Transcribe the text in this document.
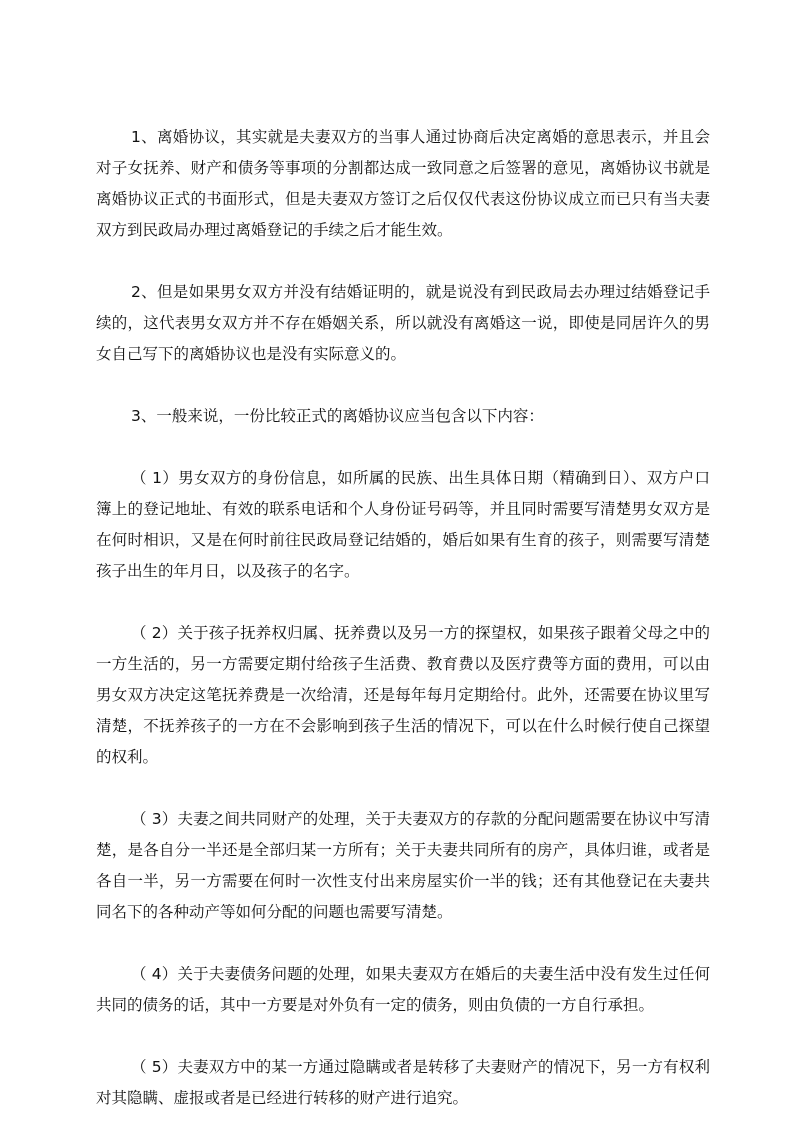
1、离婚协议，其实就是夫妻双方的当事人通过协商后决定离婚的意思表示，并且会对子女抚养、财产和债务等事项的分割都达成一致同意之后签署的意见，离婚协议书就是离婚协议正式的书面形式，但是夫妻双方签订之后仅仅代表这份协议成立而已只有当夫妻双方到民政局办理过离婚登记的手续之后才能生效。

2、但是如果男女双方并没有结婚证明的，就是说没有到民政局去办理过结婚登记手续的，这代表男女双方并不存在婚姻关系，所以就没有离婚这一说，即使是同居许久的男女自己写下的离婚协议也是没有实际意义的。

3、一般来说，一份比较正式的离婚协议应当包含以下内容：

（ 1）男女双方的身份信息，如所属的民族、出生具体日期（精确到日）、双方户口簿上的登记地址、有效的联系电话和个人身份证号码等，并且同时需要写清楚男女双方是在何时相识，又是在何时前往民政局登记结婚的，婚后如果有生育的孩子，则需要写清楚孩子出生的年月日，以及孩子的名字。

（ 2）关于孩子抚养权归属、抚养费以及另一方的探望权，如果孩子跟着父母之中的一方生活的，另一方需要定期付给孩子生活费、教育费以及医疗费等方面的费用，可以由男女双方决定这笔抚养费是一次给清，还是每年每月定期给付。此外，还需要在协议里写清楚，不抚养孩子的一方在不会影响到孩子生活的情况下，可以在什么时候行使自己探望的权利。

（ 3）夫妻之间共同财产的处理，关于夫妻双方的存款的分配问题需要在协议中写清楚，是各自分一半还是全部归某一方所有；关于夫妻共同所有的房产，具体归谁，或者是各自一半，另一方需要在何时一次性支付出来房屋实价一半的钱；还有其他登记在夫妻共同名下的各种动产等如何分配的问题也需要写清楚。

（ 4）关于夫妻债务问题的处理，如果夫妻双方在婚后的夫妻生活中没有发生过任何共同的债务的话，其中一方要是对外负有一定的债务，则由负债的一方自行承担。

（ 5）夫妻双方中的某一方通过隐瞒或者是转移了夫妻财产的情况下，另一方有权利对其隐瞒、虚报或者是已经进行转移的财产进行追究。
